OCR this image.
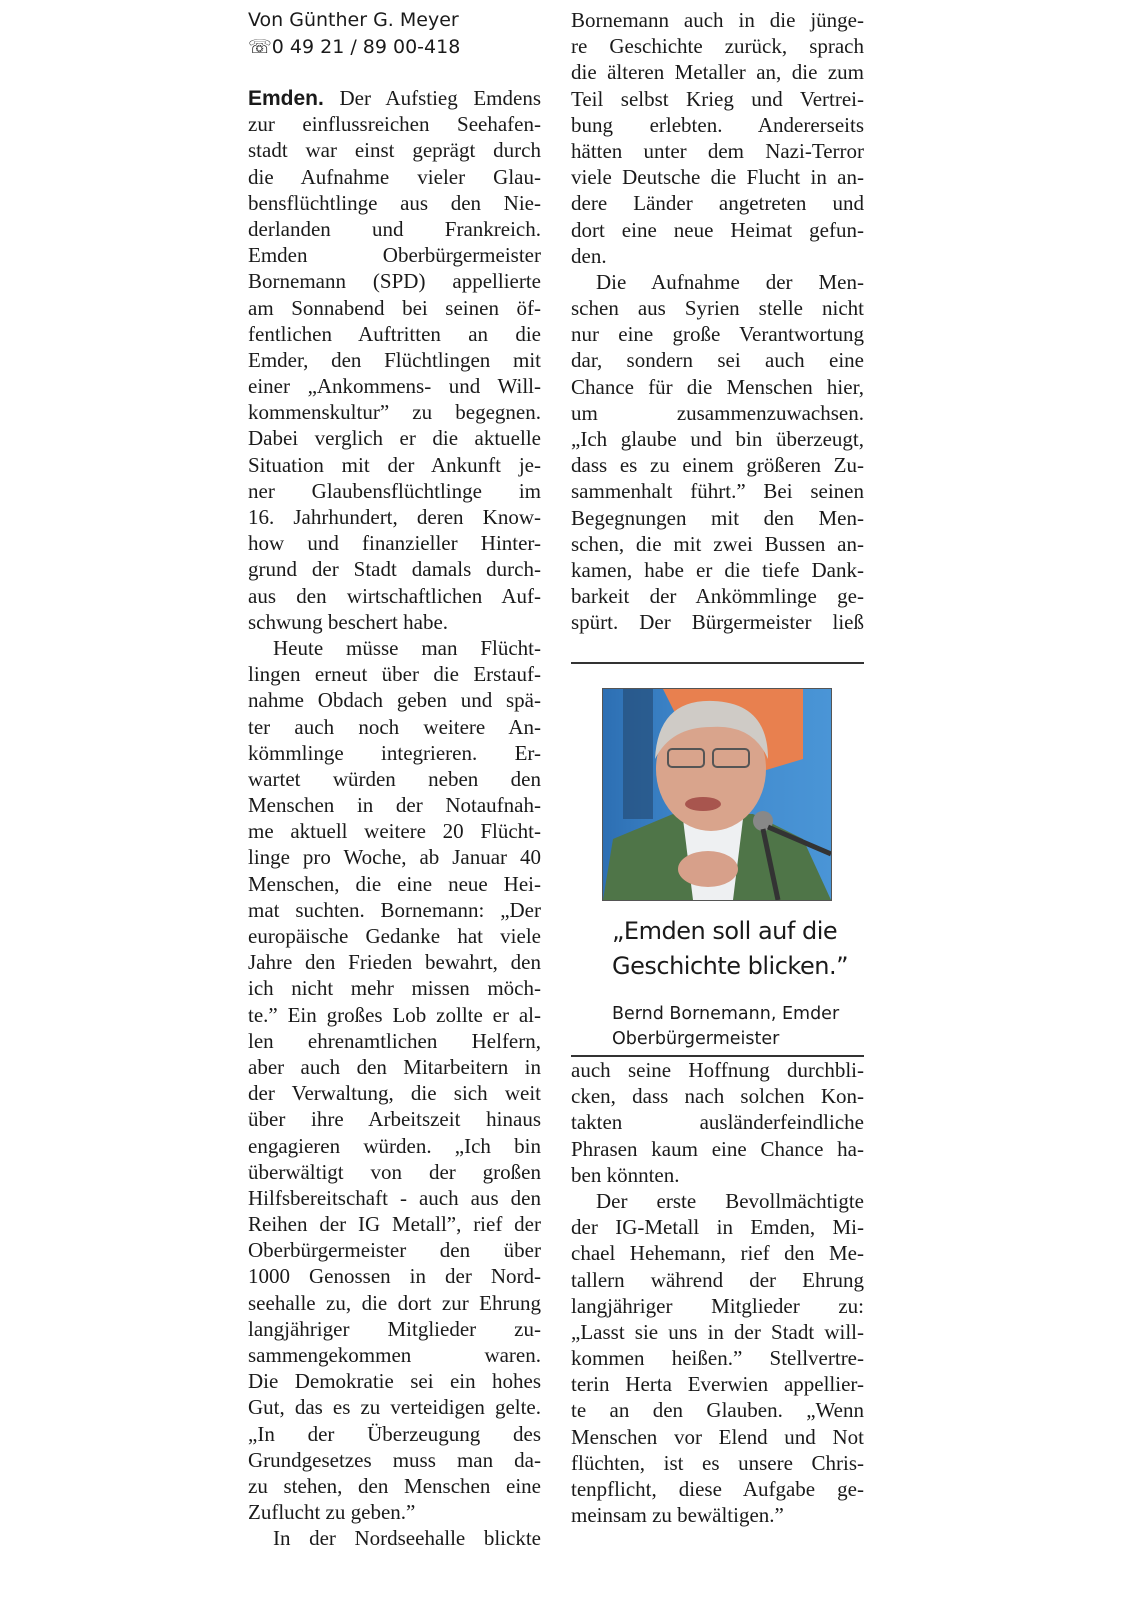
Von Günther G. Meyer
☏0 49 21 / 89 00-418
Emden. Der Aufstieg Emdens
zur einflussreichen Seehafen-
stadt war einst geprägt durch
die Aufnahme vieler Glau-
bensflüchtlinge aus den Nie-
derlanden und Frankreich.
Emden Oberbürgermeister
Bornemann (SPD) appellierte
am Sonnabend bei seinen öf-
fentlichen Auftritten an die
Emder, den Flüchtlingen mit
einer „Ankommens- und Will-
kommenskultur” zu begegnen.
Dabei verglich er die aktuelle
Situation mit der Ankunft je-
ner Glaubensflüchtlinge im
16. Jahrhundert, deren Know-
how und finanzieller Hinter-
grund der Stadt damals durch-
aus den wirtschaftlichen Auf-
schwung beschert habe.
Heute müsse man Flücht-
lingen erneut über die Erstauf-
nahme Obdach geben und spä-
ter auch noch weitere An-
kömmlinge integrieren. Er-
wartet würden neben den
Menschen in der Notaufnah-
me aktuell weitere 20 Flücht-
linge pro Woche, ab Januar 40
Menschen, die eine neue Hei-
mat suchten. Bornemann: „Der
europäische Gedanke hat viele
Jahre den Frieden bewahrt, den
ich nicht mehr missen möch-
te.” Ein großes Lob zollte er al-
len ehrenamtlichen Helfern,
aber auch den Mitarbeitern in
der Verwaltung, die sich weit
über ihre Arbeitszeit hinaus
engagieren würden. „Ich bin
überwältigt von der großen
Hilfsbereitschaft - auch aus den
Reihen der IG Metall”, rief der
Oberbürgermeister den über
1000 Genossen in der Nord-
seehalle zu, die dort zur Ehrung
langjähriger Mitglieder zu-
sammengekommen waren.
Die Demokratie sei ein hohes
Gut, das es zu verteidigen gelte.
„In der Überzeugung des
Grundgesetzes muss man da-
zu stehen, den Menschen eine
Zuflucht zu geben.”
In der Nordseehalle blickte
Bornemann auch in die jünge-
re Geschichte zurück, sprach
die älteren Metaller an, die zum
Teil selbst Krieg und Vertrei-
bung erlebten. Andererseits
hätten unter dem Nazi-Terror
viele Deutsche die Flucht in an-
dere Länder angetreten und
dort eine neue Heimat gefun-
den.
Die Aufnahme der Men-
schen aus Syrien stelle nicht
nur eine große Verantwortung
dar, sondern sei auch eine
Chance für die Menschen hier,
um zusammenzuwachsen.
„Ich glaube und bin überzeugt,
dass es zu einem größeren Zu-
sammenhalt führt.” Bei seinen
Begegnungen mit den Men-
schen, die mit zwei Bussen an-
kamen, habe er die tiefe Dank-
barkeit der Ankömmlinge ge-
spürt. Der Bürgermeister ließ
„Emden soll auf die
Geschichte blicken.”
Bernd Bornemann, Emder
Oberbürgermeister
auch seine Hoffnung durchbli-
cken, dass nach solchen Kon-
takten ausländerfeindliche
Phrasen kaum eine Chance ha-
ben könnten.
Der erste Bevollmächtigte
der IG-Metall in Emden, Mi-
chael Hehemann, rief den Me-
tallern während der Ehrung
langjähriger Mitglieder zu:
„Lasst sie uns in der Stadt will-
kommen heißen.” Stellvertre-
terin Herta Everwien appellier-
te an den Glauben. „Wenn
Menschen vor Elend und Not
flüchten, ist es unsere Chris-
tenpflicht, diese Aufgabe ge-
meinsam zu bewältigen.”
